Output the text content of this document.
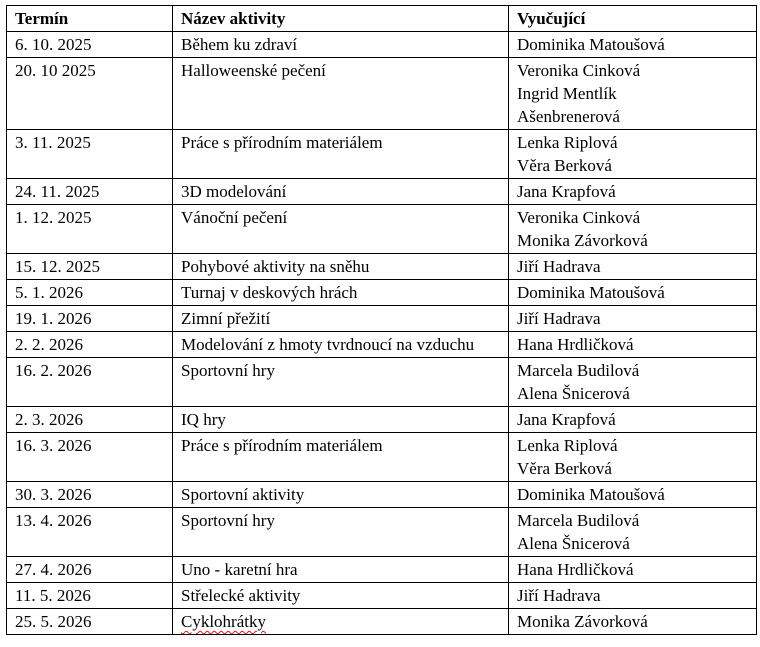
Termín	Název aktivity	Vyučující
6. 10. 2025	Během ku zdraví	Dominika Matoušová

20. 10 2025	Halloweenské pečení	Veronika Cinková
Ingrid Mentlík
Ašenbrenerová

3. 11. 2025	Práce s přírodním materiálem	Lenka Riplová
Věra Berková

24. 11. 2025	3D modelování	Jana Krapfová

1. 12. 2025	Vánoční pečení	Veronika Cinková
Monika Závorková

15. 12. 2025	Pohybové aktivity na sněhu	Jiří Hadrava

5. 1. 2026	Turnaj v deskových hrách	Dominika Matoušová

19. 1. 2026	Zimní přežití	Jiří Hadrava

2. 2. 2026	Modelování z hmoty tvrdnoucí na vzduchu	Hana Hrdličková

16. 2. 2026	Sportovní hry	Marcela Budilová
Alena Šnicerová

2. 3. 2026	IQ hry	Jana Krapfová

16. 3. 2026	Práce s přírodním materiálem	Lenka Riplová
Věra Berková

30. 3. 2026	Sportovní aktivity	Dominika Matoušová

13. 4. 2026	Sportovní hry	Marcela Budilová
Alena Šnicerová

27. 4. 2026	Uno - karetní hra	Hana Hrdličková

11. 5. 2026	Střelecké aktivity	Jiří Hadrava

25. 5. 2026	Cyklohrátky	Monika Závorková
